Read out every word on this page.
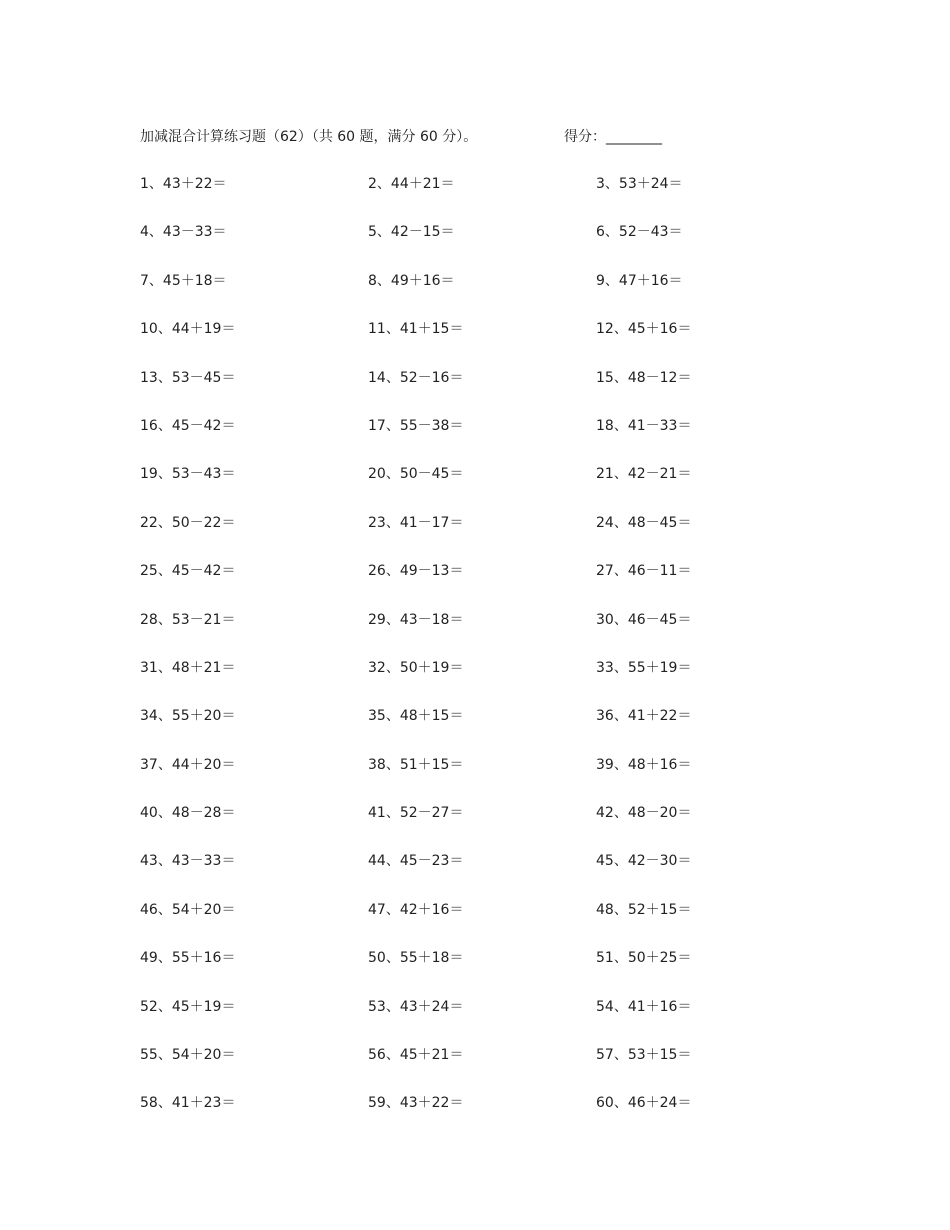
加减混合计算练习题（62）（共 60 题，满分 60 分）。	得分：________
1、43＋22＝	2、44＋21＝	3、53＋24＝
4、43－33＝	5、42－15＝	6、52－43＝
7、45＋18＝	8、49＋16＝	9、47＋16＝
10、44＋19＝	11、41＋15＝	12、45＋16＝
13、53－45＝	14、52－16＝	15、48－12＝
16、45－42＝	17、55－38＝	18、41－33＝
19、53－43＝	20、50－45＝	21、42－21＝
22、50－22＝	23、41－17＝	24、48－45＝
25、45－42＝	26、49－13＝	27、46－11＝
28、53－21＝	29、43－18＝	30、46－45＝
31、48＋21＝	32、50＋19＝	33、55＋19＝
34、55＋20＝	35、48＋15＝	36、41＋22＝
37、44＋20＝	38、51＋15＝	39、48＋16＝
40、48－28＝	41、52－27＝	42、48－20＝
43、43－33＝	44、45－23＝	45、42－30＝
46、54＋20＝	47、42＋16＝	48、52＋15＝
49、55＋16＝	50、55＋18＝	51、50＋25＝
52、45＋19＝	53、43＋24＝	54、41＋16＝
55、54＋20＝	56、45＋21＝	57、53＋15＝
58、41＋23＝	59、43＋22＝	60、46＋24＝
